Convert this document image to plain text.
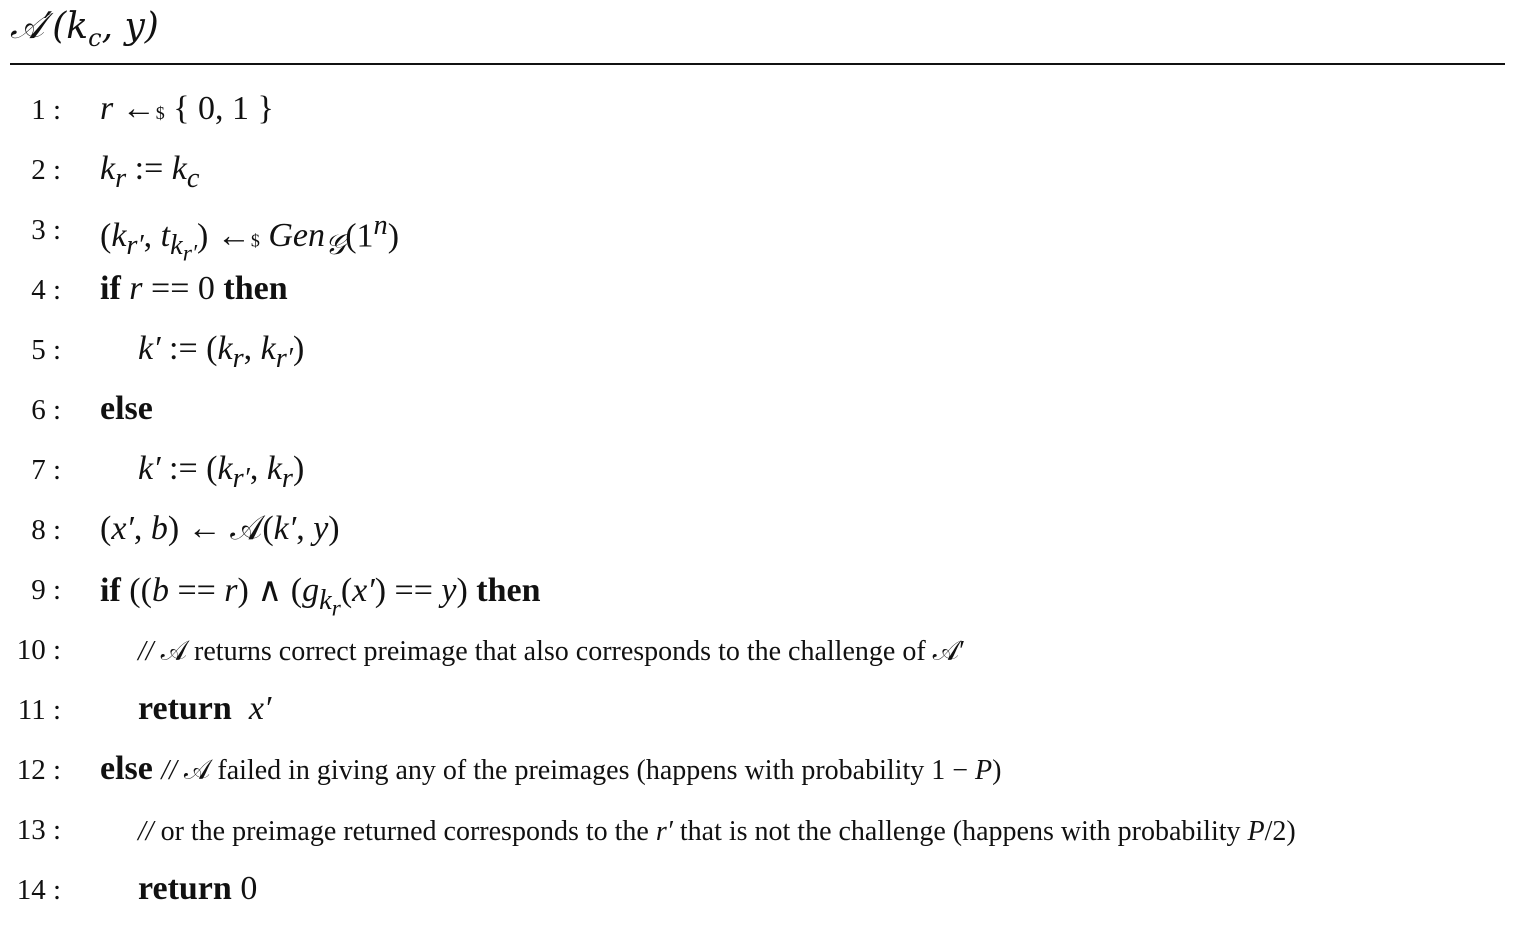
$𝒜'(k_c$, y)
1 : r ←$ { 0, 1 }
2 : $k_r$ := $k_c$
3 : ($k_{r'}$, $t_{k_{r'}}$) ←$ $Gen_𝒢(1^n)$
4 : if r == 0 then
5 : k′ := ($k_r$, $k_{r'}$)
6 : else
7 : k′ := ($k_{r'}$, $k_r$)
8 : (x′, b) ← 𝒜(k′, y)
9 : if ((b == r) ∧ $(g_{k_r}(x') == y)$ then
10 :	// 𝒜 returns correct preimage that also corresponds to the challenge of 𝒜′
11 : return x′
12 : else // 𝒜 failed in giving any of the preimages (happens with probability 1 − P)
13 :	// or the preimage returned corresponds to the r′ that is not the challenge (happens with probability P/2)
14 : return 0
